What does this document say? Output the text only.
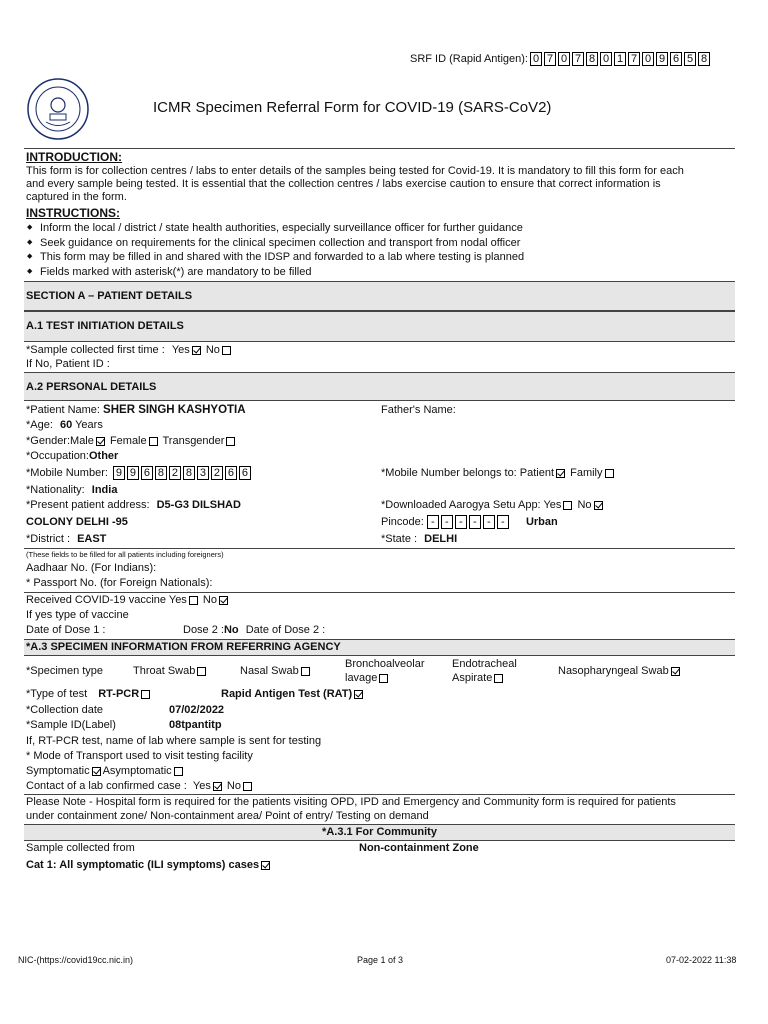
SRF ID (Rapid Antigen): 0 7 0 7 8 0 1 7 0 9 6 5 8
ICMR Specimen Referral Form for COVID-19 (SARS-CoV2)
INTRODUCTION:
This form is for collection centres / labs to enter details of the samples being tested for Covid-19. It is mandatory to fill this form for each
and every sample being tested. It is essential that the collection centres / labs exercise caution to ensure that correct information is
captured in the form.
INSTRUCTIONS:
◆ Inform the local / district / state health authorities, especially surveillance officer for further guidance
◆ Seek guidance on requirements for the clinical specimen collection and transport from nodal officer
◆ This form may be filled in and shared with the IDSP and forwarded to a lab where testing is planned
◆ Fields marked with asterisk(*) are mandatory to be filled
SECTION A – PATIENT DETAILS
A.1 TEST INITIATION DETAILS
*Sample collected first time : Yes No
If No, Patient ID :
A.2 PERSONAL DETAILS
*Patient Name: SHER SINGH KASHYOTIA	Father's Name:
*Age: 60 Years
*Gender:Male Female Transgender
*Occupation:Other
*Mobile Number: 9 9 6 8 2 8 3 2 6 6	*Mobile Number belongs to: Patient Family
*Nationality: India
*Present patient address: D5-G3 DILSHAD	*Downloaded Aarogya Setu App: Yes No
COLONY DELHI -95	Pincode: - - - - - - Urban
*District : EAST	*State : DELHI
(These fields to be filled for all patients including foreigners)
Aadhaar No. (For Indians):
* Passport No. (for Foreign Nationals):
Received COVID-19 vaccine Yes No
If yes type of vaccine
Date of Dose 1 :	Dose 2 :No Date of Dose 2 :
*A.3 SPECIMEN INFORMATION FROM REFERRING AGENCY
*Specimen type	Throat Swab	Nasal Swab
Bronchoalveolar
lavage
Endotracheal
Aspirate
Nasopharyngeal Swab
*Type of test RT-PCR	Rapid Antigen Test (RAT)
*Collection date	07/02/2022
*Sample ID(Label)	08tpantitp
If, RT-PCR test, name of lab where sample is sent for testing
* Mode of Transport used to visit testing facility
Symptomatic Asymptomatic
Contact of a lab confirmed case : Yes No
Please Note - Hospital form is required for the patients visiting OPD, IPD and Emergency and Community form is required for patients
under containment zone/ Non-containment area/ Point of entry/ Testing on demand
*A.3.1 For Community
Sample collected from	Non-containment Zone
Cat 1: All symptomatic (ILI symptoms) cases
NIC-(https://covid19cc.nic.in)	Page 1 of 3	07-02-2022 11:38
